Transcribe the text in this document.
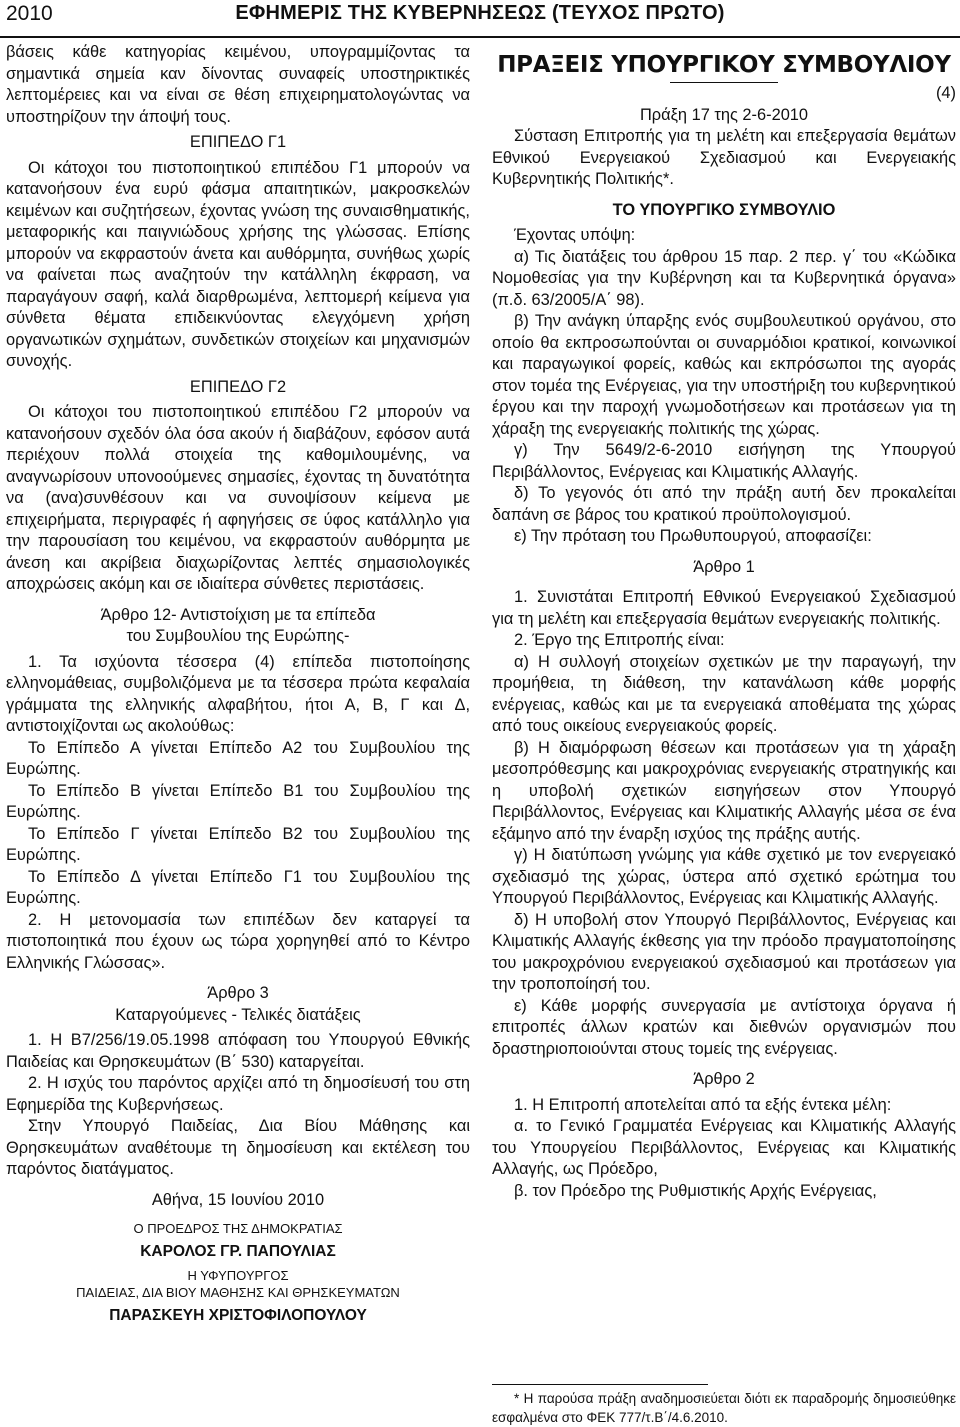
2010	ΕΦΗΜΕΡΙΣ ΤΗΣ ΚΥΒΕΡΝΗΣΕΩΣ (ΤΕΥΧΟΣ ΠΡΩΤΟ)

βάσεις κάθε κατηγορίας κειμένου, υπογραμμίζοντας τα σημαντικά σημεία καν δίνοντας συναφείς υποστηρικτικές λεπτομέρειες και να είναι σε θέση επιχειρηματολογώντας να υποστηρίζουν την άποψή τους.

ΕΠΙΠΕΔΟ Γ1

Οι κάτοχοι του πιστοποιητικού επιπέδου Γ1 μπορούν να κατανοήσουν ένα ευρύ φάσμα απαιτητικών, μακροσκελών κειμένων και συζητήσεων, έχοντας γνώση της συναισθηματικής, μεταφορικής και παιγνιώδους χρήσης της γλώσσας. Επίσης μπορούν να εκφραστούν άνετα και αυθόρμητα, συνήθως χωρίς να φαίνεται πως αναζητούν την κατάλληλη έκφραση, να παραγάγουν σαφή, καλά διαρθρωμένα, λεπτομερή κείμενα για σύνθετα θέματα επιδεικνύοντας ελεγχόμενη χρήση οργανωτικών σχημάτων, συνδετικών στοιχείων και μηχανισμών συνοχής.

ΕΠΙΠΕΔΟ Γ2

Οι κάτοχοι του πιστοποιητικού επιπέδου Γ2 μπορούν να κατανοήσουν σχεδόν όλα όσα ακούν ή διαβάζουν, εφόσον αυτά περιέχουν πολλά στοιχεία της καθομιλουμένης, να αναγνωρίσουν υπονοούμενες σημασίες, έχοντας τη δυνατότητα να (ανα)συνθέσουν και να συνοψίσουν κείμενα με επιχειρήματα, περιγραφές ή αφηγήσεις σε ύφος κατάλληλο για την παρουσίαση του κειμένου, να εκφραστούν αυθόρμητα με άνεση και ακρίβεια διαχωρίζοντας λεπτές σημασιολογικές αποχρώσεις ακόμη και σε ιδιαίτερα σύνθετες περιστάσεις.

Άρθρο 12- Αντιστοίχιση με τα επίπεδα

του Συμβουλίου της Ευρώπης-

1. Τα ισχύοντα τέσσερα (4) επίπεδα πιστοποίησης ελληνομάθειας, συμβολιζόμενα με τα τέσσερα πρώτα κεφαλαία γράμματα της ελληνικής αλφαβήτου, ήτοι Α, Β, Γ και Δ, αντιστοιχίζονται ως ακολούθως:

Το Επίπεδο Α γίνεται Επίπεδο Α2 του Συμβουλίου της Ευρώπης.

Το Επίπεδο Β γίνεται Επίπεδο Β1 του Συμβουλίου της Ευρώπης.

Το Επίπεδο Γ γίνεται Επίπεδο Β2 του Συμβουλίου της Ευρώπης.

Το Επίπεδο Δ γίνεται Επίπεδο Γ1 του Συμβουλίου της Ευρώπης.

2. Η μετονομασία των επιπέδων δεν καταργεί τα πιστοποιητικά που έχουν ως τώρα χορηγηθεί από το Κέντρο Ελληνικής Γλώσσας».

Άρθρο 3

Καταργούμενες - Τελικές διατάξεις

1. Η Β7/256/19.05.1998 απόφαση του Υπουργού Εθνικής Παιδείας και Θρησκευμάτων (Β΄ 530) καταργείται.

2. Η ισχύς του παρόντος αρχίζει από τη δημοσίευσή του στη Εφημερίδα της Κυβερνήσεως.

Στην Υπουργό Παιδείας, Δια Βίου Μάθησης και Θρησκευμάτων αναθέτουμε τη δημοσίευση και εκτέλεση του παρόντος διατάγματος.

Αθήνα, 15 Ιουνίου 2010

Ο ΠΡΟΕΔΡΟΣ ΤΗΣ ΔΗΜΟΚΡΑΤΙΑΣ

ΚΑΡΟΛΟΣ ΓΡ. ΠΑΠΟΥΛΙΑΣ

Η ΥΦΥΠΟΥΡΓΟΣ

ΠΑΙΔΕΙΑΣ, ΔΙΑ ΒΙΟΥ ΜΑΘΗΣΗΣ ΚΑΙ ΘΡΗΣΚΕΥΜΑΤΩΝ

ΠΑΡΑΣΚΕΥΗ ΧΡΙΣΤΟΦΙΛΟΠΟΥΛΟΥ

ΠΡΑΞΕΙΣ ΥΠΟΥΡΓΙΚΟΥ ΣΥΜΒΟΥΛΙΟΥ

(4)

Πράξη 17 της 2-6-2010

Σύσταση Επιτροπής για τη μελέτη και επεξεργασία θεμάτων Εθνικού Ενεργειακού Σχεδιασμού και Ενεργειακής Κυβερνητικής Πολιτικής*.

ΤΟ ΥΠΟΥΡΓΙΚΟ ΣΥΜΒΟΥΛΙΟ

Έχοντας υπόψη:

α) Τις διατάξεις του άρθρου 15 παρ. 2 περ. γ΄ του «Κώδικα Νομοθεσίας για την Κυβέρνηση και τα Κυβερνητικά όργανα» (π.δ. 63/2005/Α΄ 98).

β) Την ανάγκη ύπαρξης ενός συμβουλευτικού οργάνου, στο οποίο θα εκπροσωπούνται οι συναρμόδιοι κρατικοί, κοινωνικοί και παραγωγικοί φορείς, καθώς και εκπρόσωποι της αγοράς στον τομέα της Ενέργειας, για την υποστήριξη του κυβερνητικού έργου και την παροχή γνωμοδοτήσεων και προτάσεων για τη χάραξη της ενεργειακής πολιτικής της χώρας.

γ) Την 5649/2-6-2010 εισήγηση της Υπουργού Περιβάλλοντος, Ενέργειας και Κλιματικής Αλλαγής.

δ) Το γεγονός ότι από την πράξη αυτή δεν προκαλείται δαπάνη σε βάρος του κρατικού προϋπολογισμού.

ε) Την πρόταση του Πρωθυπουργού, αποφασίζει:

Άρθρο 1

1. Συνιστάται Επιτροπή Εθνικού Ενεργειακού Σχεδιασμού για τη μελέτη και επεξεργασία θεμάτων ενεργειακής πολιτικής.

2. Έργο της Επιτροπής είναι:

α) Η συλλογή στοιχείων σχετικών με την παραγωγή, την προμήθεια, τη διάθεση, την κατανάλωση κάθε μορφής ενέργειας, καθώς και με τα ενεργειακά αποθέματα της χώρας από τους οικείους ενεργειακούς φορείς.

β) Η διαμόρφωση θέσεων και προτάσεων για τη χάραξη μεσοπρόθεσμης και μακροχρόνιας ενεργειακής στρατηγικής και η υποβολή σχετικών εισηγήσεων στον Υπουργό Περιβάλλοντος, Ενέργειας και Κλιματικής Αλλαγής μέσα σε ένα εξάμηνο από την έναρξη ισχύος της πράξης αυτής.

γ) Η διατύπωση γνώμης για κάθε σχετικό με τον ενεργειακό σχεδιασμό της χώρας, ύστερα από σχετικό ερώτημα του Υπουργού Περιβάλλοντος, Ενέργειας και Κλιματικής Αλλαγής.

δ) Η υποβολή στον Υπουργό Περιβάλλοντος, Ενέργειας και Κλιματικής Αλλαγής έκθεσης για την πρόοδο πραγματοποίησης του μακροχρόνιου ενεργειακού σχεδιασμού και προτάσεων για την τροποποίησή του.

ε) Κάθε μορφής συνεργασία με αντίστοιχα όργανα ή επιτροπές άλλων κρατών και διεθνών οργανισμών που δραστηριοποιούνται στους τομείς της ενέργειας.

Άρθρο 2

1. Η Επιτροπή αποτελείται από τα εξής έντεκα μέλη:

α. το Γενικό Γραμματέα Ενέργειας και Κλιματικής Αλλαγής του Υπουργείου Περιβάλλοντος, Ενέργειας και Κλιματικής Αλλαγής, ως Πρόεδρο,

β. τον Πρόεδρο της Ρυθμιστικής Αρχής Ενέργειας,

* Η παρούσα πράξη αναδημοσιεύεται διότι εκ παραδρομής δημοσιεύθηκε εσφαλμένα στο ΦΕΚ 777/τ.Β΄/4.6.2010.
